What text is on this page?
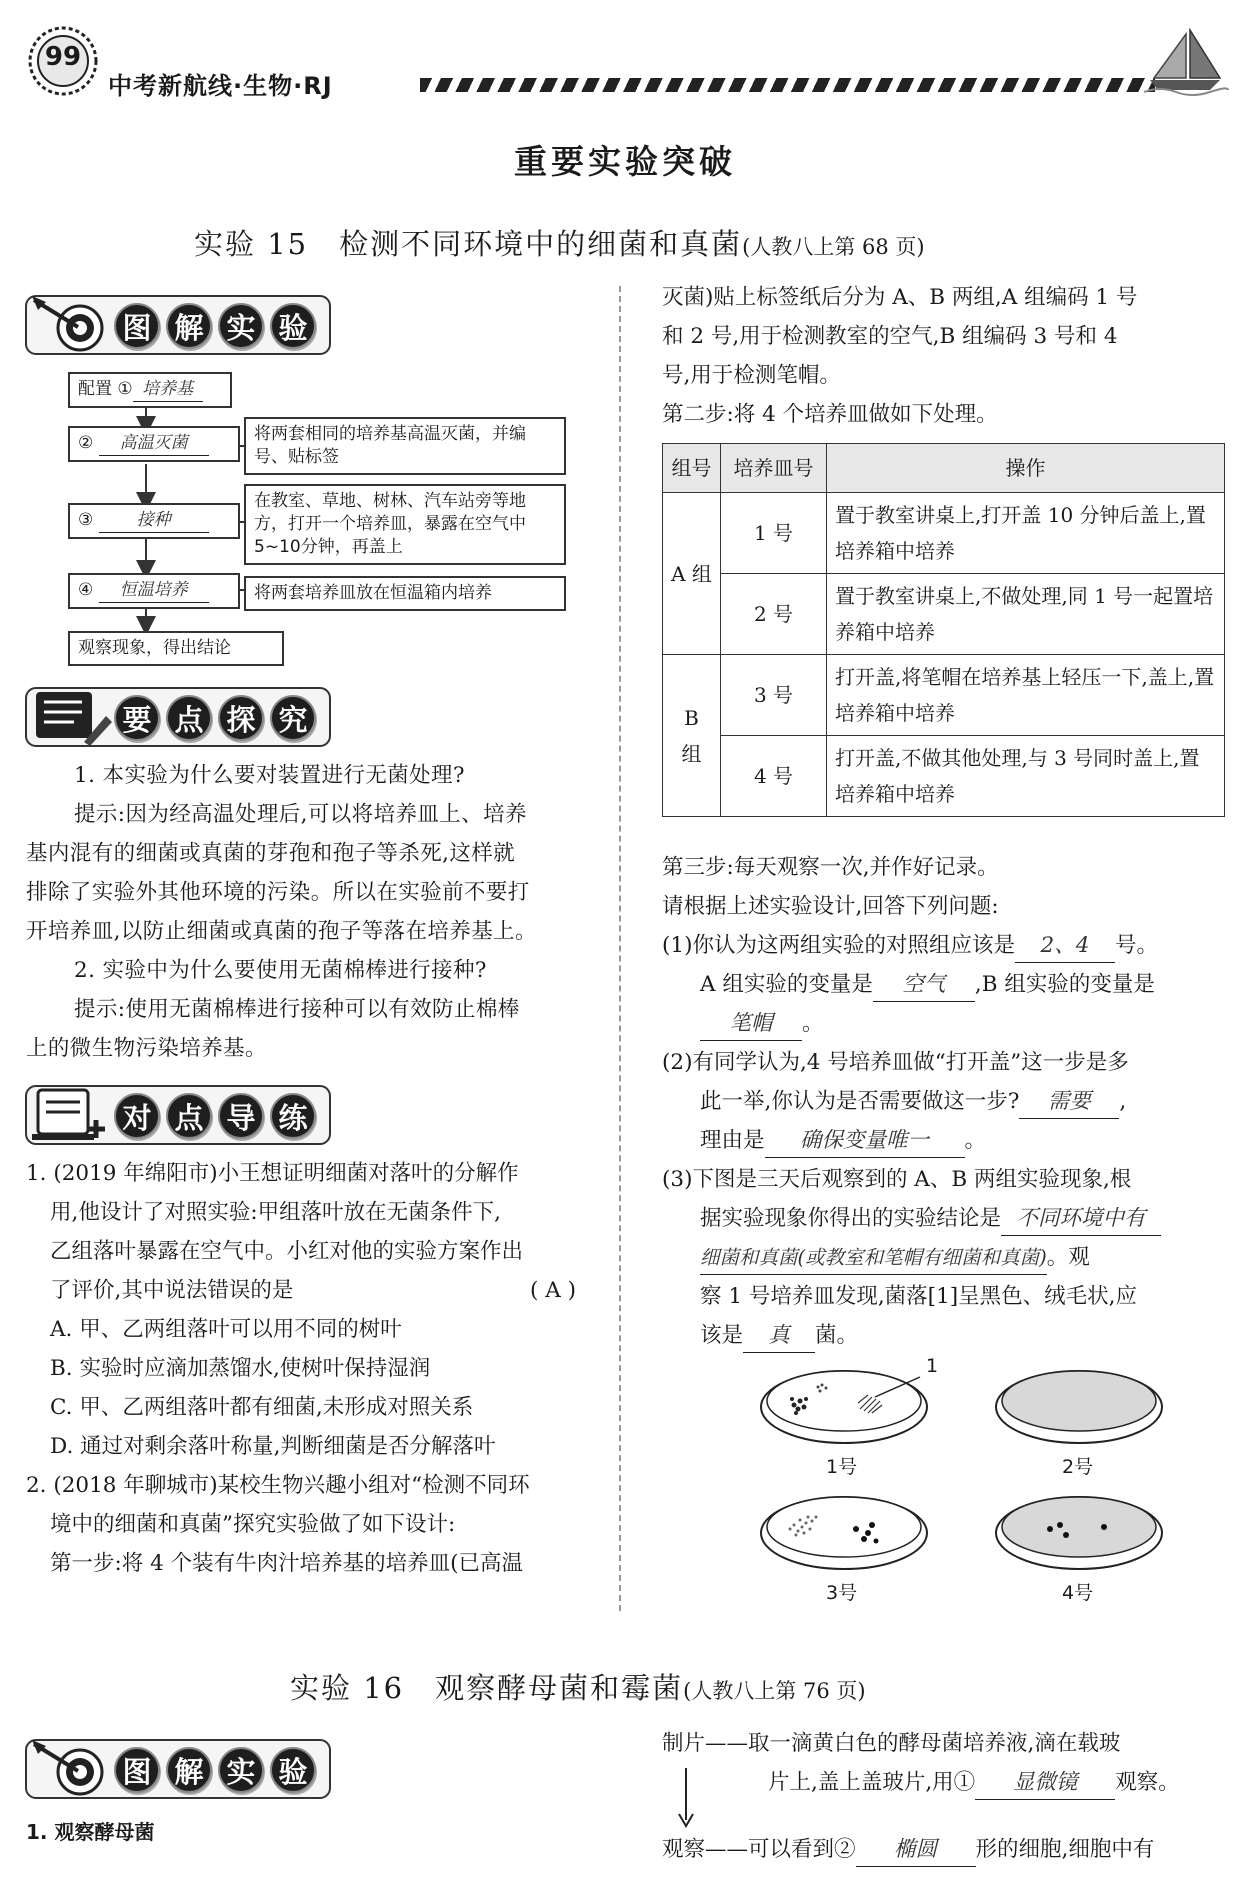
99
中考新航线·生物·RJ
重要实验突破
实验 15　检测不同环境中的细菌和真菌(人教八上第 68 页)
图 解 实 验
配置 ① 培养基
② 高温灭菌	将两套相同的培养基高温灭菌，并编号、贴标签
③	接种
在教室、草地、树林、汽车站旁等地方，打开一个培养皿，暴露在空气中5~10分钟，再盖上
④ 恒温培养	将两套培养皿放在恒温箱内培养
观察现象，得出结论
要 点 探 究
1. 本实验为什么要对装置进行无菌处理?
提示:因为经高温处理后,可以将培养皿上、培养
基内混有的细菌或真菌的芽孢和孢子等杀死,这样就
排除了实验外其他环境的污染。所以在实验前不要打
开培养皿,以防止细菌或真菌的孢子等落在培养基上。
2. 实验中为什么要使用无菌棉棒进行接种?
提示:使用无菌棉棒进行接种可以有效防止棉棒
上的微生物污染培养基。
对 点 导 练
1. (2019 年绵阳市)小王想证明细菌对落叶的分解作
用,他设计了对照实验:甲组落叶放在无菌条件下,
乙组落叶暴露在空气中。小红对他的实验方案作出
了评价,其中说法错误的是	( A )
A. 甲、乙两组落叶可以用不同的树叶
B. 实验时应滴加蒸馏水,使树叶保持湿润
C. 甲、乙两组落叶都有细菌,未形成对照关系
D. 通过对剩余落叶称量,判断细菌是否分解落叶
2. (2018 年聊城市)某校生物兴趣小组对“检测不同环
境中的细菌和真菌”探究实验做了如下设计:
第一步:将 4 个装有牛肉汁培养基的培养皿(已高温
灭菌)贴上标签纸后分为 A、B 两组,A 组编码 1 号
和 2 号,用于检测教室的空气,B 组编码 3 号和 4
号,用于检测笔帽。
第二步:将 4 个培养皿做如下处理。
组号	培养皿号	操作
A 组	1 号	置于教室讲桌上,打开盖 10 分钟后盖上,置培养箱中培养
	2 号	置于教室讲桌上,不做处理,同 1 号一起置培养箱中培养
B 组	3 号	打开盖,将笔帽在培养基上轻压一下,盖上,置培养箱中培养
	4 号	打开盖,不做其他处理,与 3 号同时盖上,置培养箱中培养
第三步:每天观察一次,并作好记录。
请根据上述实验设计,回答下列问题:
(1)你认为这两组实验的对照组应该是 2、4 号。
A 组实验的变量是 空气 ,B 组实验的变量是
笔帽 。
(2)有同学认为,4 号培养皿做“打开盖”这一步是多
此一举,你认为是否需要做这一步? 需要 ,
理由是 确保变量唯一 。
(3)下图是三天后观察到的 A、B 两组实验现象,根
据实验现象你得出的实验结论是 不同环境中有
细菌和真菌(或教室和笔帽有细菌和真菌)。观
察 1 号培养皿发现,菌落[1]呈黑色、绒毛状,应
该是 真 菌。
1
1号	2号
3号	4号
实验 16　观察酵母菌和霉菌(人教八上第 76 页)
图 解 实 验
1. 观察酵母菌
制片——取一滴黄白色的酵母菌培养液,滴在载玻
片上,盖上盖玻片,用① 显微镜 观察。
观察——可以看到② 椭圆 形的细胞,细胞中有
